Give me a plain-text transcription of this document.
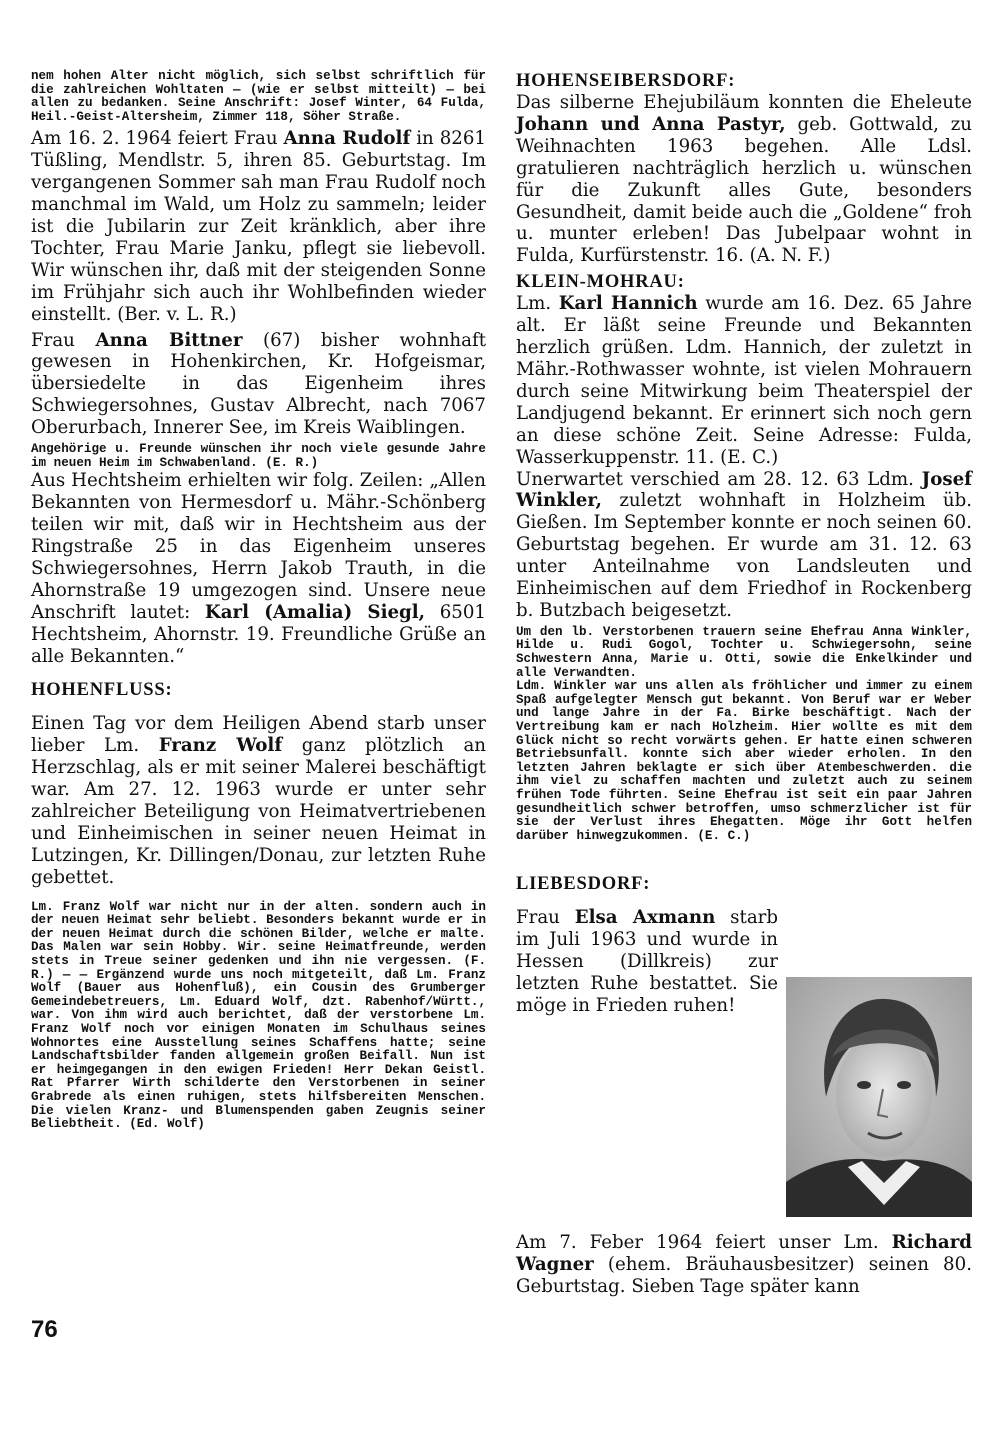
nem hohen Alter nicht möglich, sich selbst schriftlich für die zahlreichen Wohltaten — (wie er selbst mitteilt) — bei allen zu bedanken. Seine Anschrift: Josef Winter, 64 Fulda, Heil.-Geist-Altersheim, Zimmer 118, Söher Straße.

Am 16. 2. 1964 feiert Frau Anna Rudolf in 8261 Tüßling, Mendlstr. 5, ihren 85. Geburtstag. Im vergangenen Sommer sah man Frau Rudolf noch manchmal im Wald, um Holz zu sammeln; leider ist die Jubilarin zur Zeit kränklich, aber ihre Tochter, Frau Marie Janku, pflegt sie liebevoll. Wir wünschen ihr, daß mit der steigenden Sonne im Frühjahr sich auch ihr Wohlbefinden wieder einstellt. (Ber. v. L. R.)

Frau Anna Bittner (67) bisher wohnhaft gewesen in Hohenkirchen, Kr. Hofgeismar, übersiedelte in das Eigenheim ihres Schwiegersohnes, Gustav Albrecht, nach 7067 Oberurbach, Innerer See, im Kreis Waiblingen.

Angehörige u. Freunde wünschen ihr noch viele gesunde Jahre im neuen Heim im Schwabenland. (E. R.)

Aus Hechtsheim erhielten wir folg. Zeilen: „Allen Bekannten von Hermesdorf u. Mähr.-Schönberg teilen wir mit, daß wir in Hechtsheim aus der Ringstraße 25 in das Eigenheim unseres Schwiegersohnes, Herrn Jakob Trauth, in die Ahornstraße 19 umgezogen sind. Unsere neue Anschrift lautet: Karl (Amalia) Siegl, 6501 Hechtsheim, Ahornstr. 19. Freundliche Grüße an alle Bekannten.“

HOHENFLUSS:

Einen Tag vor dem Heiligen Abend starb unser lieber Lm. Franz Wolf ganz plötzlich an Herzschlag, als er mit seiner Malerei beschäftigt war. Am 27. 12. 1963 wurde er unter sehr zahlreicher Beteiligung von Heimatvertriebenen und Einheimischen in seiner neuen Heimat in Lutzingen, Kr. Dillingen/Donau, zur letzten Ruhe gebettet.

Lm. Franz Wolf war nicht nur in der alten. sondern auch in der neuen Heimat sehr beliebt. Besonders bekannt wurde er in der neuen Heimat durch die schönen Bilder, welche er malte. Das Malen war sein Hobby. Wir. seine Heimatfreunde, werden stets in Treue seiner gedenken und ihn nie vergessen. (F. R.) — — Ergänzend wurde uns noch mitgeteilt, daß Lm. Franz Wolf (Bauer aus Hohenfluß), ein Cousin des Grumberger Gemeindebetreuers, Lm. Eduard Wolf, dzt. Rabenhof/Württ., war. Von ihm wird auch berichtet, daß der verstorbene Lm. Franz Wolf noch vor einigen Monaten im Schulhaus seines Wohnortes eine Ausstellung seines Schaffens hatte; seine Landschaftsbilder fanden allgemein großen Beifall. Nun ist er heimgegangen in den ewigen Frieden! Herr Dekan Geistl. Rat Pfarrer Wirth schilderte den Verstorbenen in seiner Grabrede als einen ruhigen, stets hilfsbereiten Menschen. Die vielen Kranz- und Blumenspenden gaben Zeugnis seiner Beliebtheit. (Ed. Wolf)

HOHENSEIBERSDORF:

Das silberne Ehejubiläum konnten die Eheleute Johann und Anna Pastyr, geb. Gottwald, zu Weihnachten 1963 begehen. Alle Ldsl. gratulieren nachträglich herzlich u. wünschen für die Zukunft alles Gute, besonders Gesundheit, damit beide auch die „Goldene“ froh u. munter erleben! Das Jubelpaar wohnt in Fulda, Kurfürstenstr. 16. (A. N. F.)

KLEIN-MOHRAU:

Lm. Karl Hannich wurde am 16. Dez. 65 Jahre alt. Er läßt seine Freunde und Bekannten herzlich grüßen. Ldm. Hannich, der zuletzt in Mähr.-Rothwasser wohnte, ist vielen Mohrauern durch seine Mitwirkung beim Theaterspiel der Landjugend bekannt. Er erinnert sich noch gern an diese schöne Zeit. Seine Adresse: Fulda, Wasserkuppenstr. 11. (E. C.)

Unerwartet verschied am 28. 12. 63 Ldm. Josef Winkler, zuletzt wohnhaft in Holzheim üb. Gießen. Im September konnte er noch seinen 60. Geburtstag begehen. Er wurde am 31. 12. 63 unter Anteilnahme von Landsleuten und Einheimischen auf dem Friedhof in Rockenberg b. Butzbach beigesetzt.

Um den lb. Verstorbenen trauern seine Ehefrau Anna Winkler, Hilde u. Rudi Gogol, Tochter u. Schwiegersohn, seine Schwestern Anna, Marie u. Otti, sowie die Enkelkinder und alle Verwandten.

Ldm. Winkler war uns allen als fröhlicher und immer zu einem Spaß aufgelegter Mensch gut bekannt. Von Beruf war er Weber und lange Jahre in der Fa. Birke beschäftigt. Nach der Vertreibung kam er nach Holzheim. Hier wollte es mit dem Glück nicht so recht vorwärts gehen. Er hatte einen schweren Betriebsunfall. konnte sich aber wieder erholen. In den letzten Jahren beklagte er sich über Atembeschwerden. die ihm viel zu schaffen machten und zuletzt auch zu seinem frühen Tode führten. Seine Ehefrau ist seit ein paar Jahren gesundheitlich schwer betroffen, umso schmerzlicher ist für sie der Verlust ihres Ehegatten. Möge ihr Gott helfen darüber hinwegzukommen. (E. C.)

LIEBESDORF:

Frau Elsa Axmann starb im Juli 1963 und wurde in Hessen (Dillkreis) zur letzten Ruhe bestattet. Sie möge in Frieden ruhen!

Am 7. Feber 1964 feiert unser Lm. Richard Wagner (ehem. Bräuhausbesitzer) seinen 80. Geburtstag. Sieben Tage später kann

76
